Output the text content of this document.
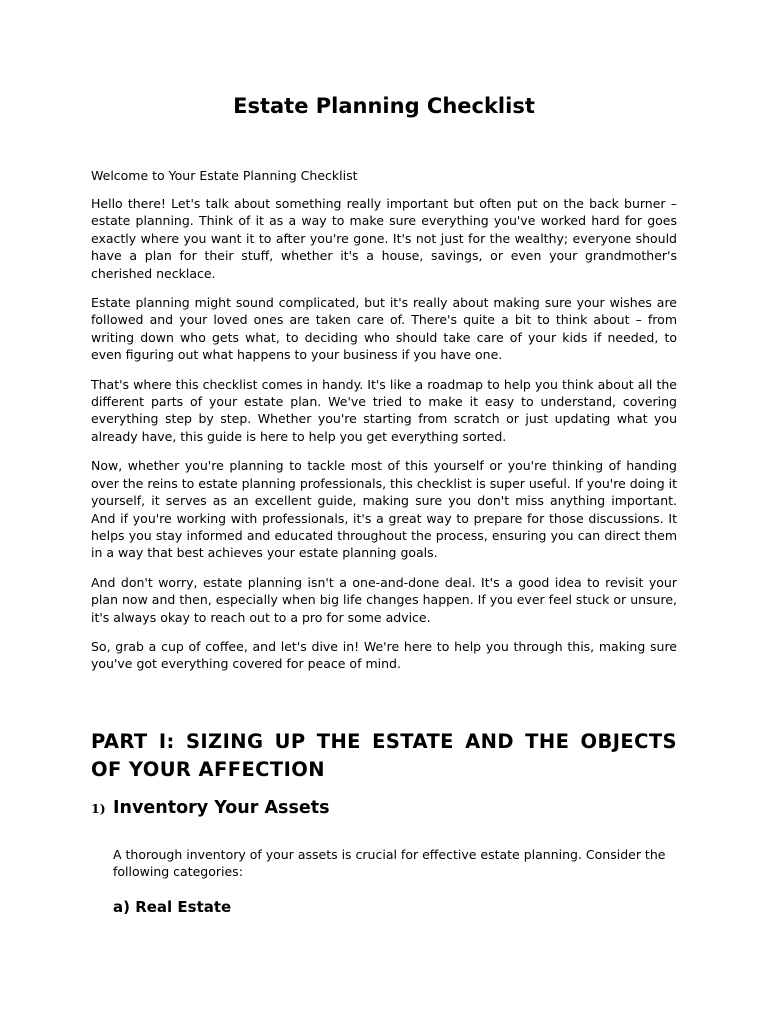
Estate Planning Checklist

Welcome to Your Estate Planning Checklist

Hello there! Let's talk about something really important but often put on the back burner – estate planning. Think of it as a way to make sure everything you've worked hard for goes exactly where you want it to after you're gone. It's not just for the wealthy; everyone should have a plan for their stuff, whether it's a house, savings, or even your grandmother's cherished necklace.

Estate planning might sound complicated, but it's really about making sure your wishes are followed and your loved ones are taken care of. There's quite a bit to think about – from writing down who gets what, to deciding who should take care of your kids if needed, to even figuring out what happens to your business if you have one.

That's where this checklist comes in handy. It's like a roadmap to help you think about all the different parts of your estate plan. We've tried to make it easy to understand, covering everything step by step. Whether you're starting from scratch or just updating what you already have, this guide is here to help you get everything sorted.

Now, whether you're planning to tackle most of this yourself or you're thinking of handing over the reins to estate planning professionals, this checklist is super useful. If you're doing it yourself, it serves as an excellent guide, making sure you don't miss anything important. And if you're working with professionals, it's a great way to prepare for those discussions. It helps you stay informed and educated throughout the process, ensuring you can direct them in a way that best achieves your estate planning goals.

And don't worry, estate planning isn't a one-and-done deal. It's a good idea to revisit your plan now and then, especially when big life changes happen. If you ever feel stuck or unsure, it's always okay to reach out to a pro for some advice.

So, grab a cup of coffee, and let's dive in! We're here to help you through this, making sure you've got everything covered for peace of mind.

PART I: SIZING UP THE ESTATE AND THE OBJECTS OF YOUR AFFECTION
1) Inventory Your Assets

A thorough inventory of your assets is crucial for effective estate planning. Consider the following categories:

a) Real Estate
